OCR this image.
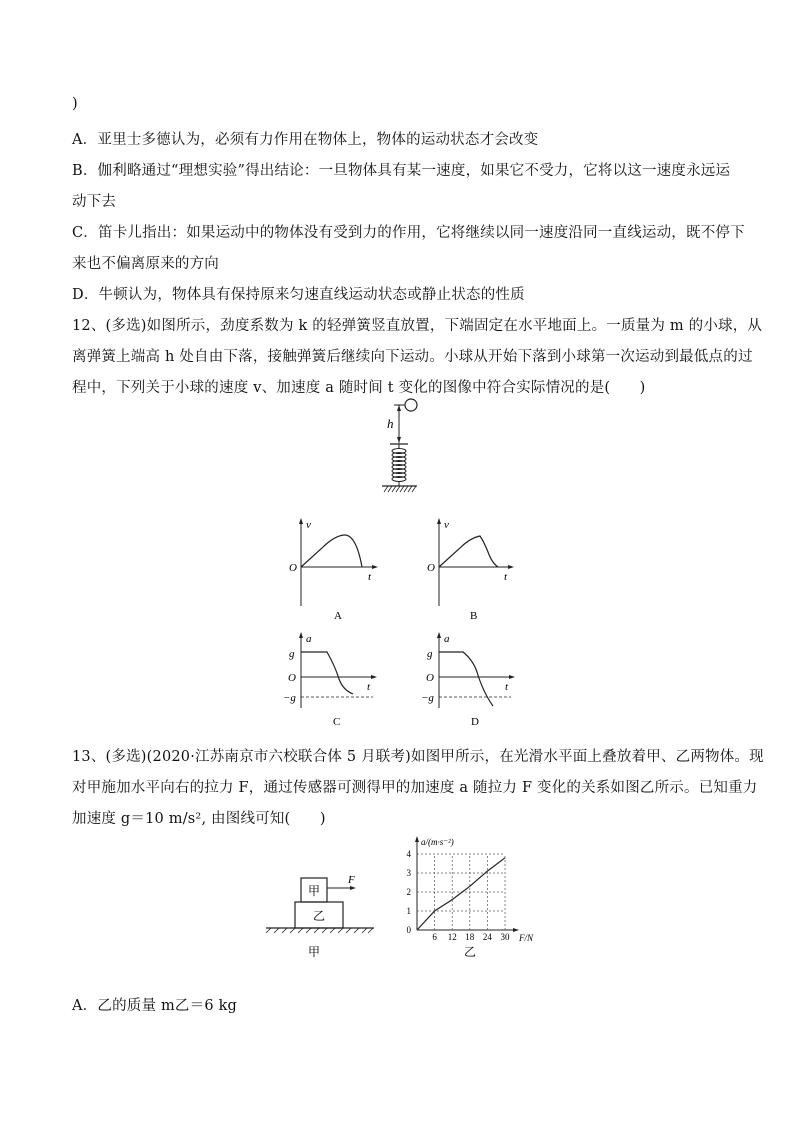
)
A．亚里士多德认为，必须有力作用在物体上，物体的运动状态才会改变
B．伽利略通过“理想实验”得出结论：一旦物体具有某一速度，如果它不受力，它将以这一速度永远运
动下去
C．笛卡儿指出：如果运动中的物体没有受到力的作用，它将继续以同一速度沿同一直线运动，既不停下
来也不偏离原来的方向
D．牛顿认为，物体具有保持原来匀速直线运动状态或静止状态的性质
12、(多选)如图所示，劲度系数为 k 的轻弹簧竖直放置，下端固定在水平地面上。一质量为 m 的小球，从
离弹簧上端高 h 处自由下落，接触弹簧后继续向下运动。小球从开始下落到小球第一次运动到最低点的过
程中，下列关于小球的速度 v、加速度 a 随时间 t 变化的图像中符合实际情况的是(　　)
h
v
t
O
A
v
t
O
B
a
t
O
g
−g
C
a
t
O
g
−g
D
13、(多选)(2020·江苏南京市六校联合体 5 月联考)如图甲所示，在光滑水平面上叠放着甲、乙两物体。现
对甲施加水平向右的拉力 F，通过传感器可测得甲的加速度 a 随拉力 F 变化的关系如图乙所示。已知重力
加速度 g＝10 m/s², 由图线可知(　　)
甲
F
乙
甲
a/(m·s⁻²)
F/N
6 12 18 24 30
0
1
2
3
4
乙
A．乙的质量 m乙＝6 kg
